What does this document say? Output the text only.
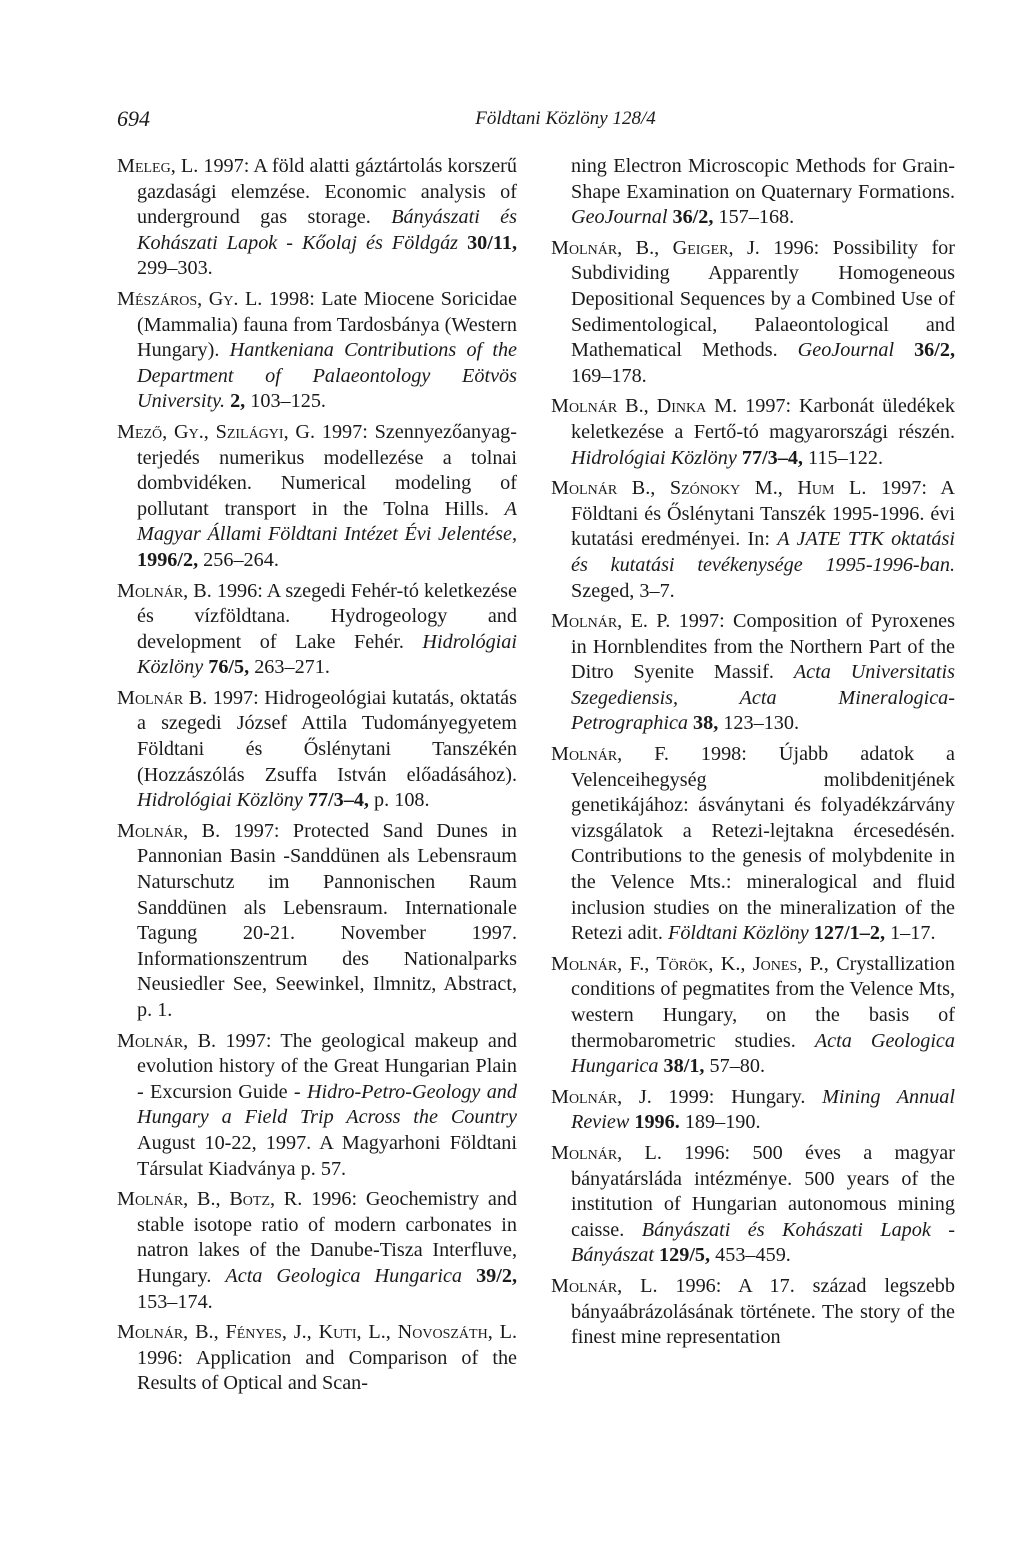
694	Földtani Közlöny 128/4

Meleg, L. 1997: A föld alatti gáztártolás korszerű gazdasági elemzése. Economic analysis of underground gas storage. Bányászati és Kohászati Lapok - Kőolaj és Földgáz 30/11, 299–303.

Mészáros, Gy. L. 1998: Late Miocene Soricidae (Mammalia) fauna from Tardosbánya (Western Hungary). Hantkeniana Contributions of the Department of Palaeontology Eötvös University. 2, 103–125.

Mező, Gy., Szilágyi, G. 1997: Szennyezőanyag-terjedés numerikus modellezése a tolnai dombvidéken. Numerical modeling of pollutant transport in the Tolna Hills. A Magyar Állami Földtani Intézet Évi Jelentése, 1996/2, 256–264.

Molnár, B. 1996: A szegedi Fehér-tó keletkezése és vízföldtana. Hydrogeology and development of Lake Fehér. Hidrológiai Közlöny 76/5, 263–271.

Molnár B. 1997: Hidrogeológiai kutatás, oktatás a szegedi József Attila Tudományegyetem Földtani és Őslénytani Tanszékén (Hozzászólás Zsuffa István előadásához). Hidrológiai Közlöny 77/3–4, p. 108.

Molnár, B. 1997: Protected Sand Dunes in Pannonian Basin -Sanddünen als Lebensraum Naturschutz im Pannonischen Raum Sanddünen als Lebensraum. Internationale Tagung 20-21. November 1997. Informationszentrum des Nationalparks Neusiedler See, Seewinkel, Ilmnitz, Abstract, p. 1.

Molnár, B. 1997: The geological makeup and evolution history of the Great Hungarian Plain - Excursion Guide - Hidro-Petro-Geology and Hungary a Field Trip Across the Country August 10-22, 1997. A Magyarhoni Földtani Társulat Kiadványa p. 57.

Molnár, B., Botz, R. 1996: Geochemistry and stable isotope ratio of modern carbonates in natron lakes of the Danube-Tisza Interfluve, Hungary. Acta Geologica Hungarica 39/2, 153–174.

Molnár, B., Fényes, J., Kuti, L., Novoszáth, L. 1996: Application and Comparison of the Results of Optical and Scan-

ning Electron Microscopic Methods for Grain-Shape Examination on Quaternary Formations. GeoJournal 36/2, 157–168.

Molnár, B., Geiger, J. 1996: Possibility for Subdividing Apparently Homogeneous Depositional Sequences by a Combined Use of Sedimentological, Palaeontological and Mathematical Methods. GeoJournal 36/2, 169–178.

Molnár B., Dinka M. 1997: Karbonát üledékek keletkezése a Fertő-tó magyarországi részén. Hidrológiai Közlöny 77/3–4, 115–122.

Molnár B., Szónoky M., Hum L. 1997: A Földtani és Őslénytani Tanszék 1995-1996. évi kutatási eredményei. In: A JATE TTK oktatási és kutatási tevékenysége 1995-1996-ban. Szeged, 3–7.

Molnár, E. P. 1997: Composition of Pyroxenes in Hornblendites from the Northern Part of the Ditro Syenite Massif. Acta Universitatis Szegediensis, Acta Mineralogica-Petrographica 38, 123–130.

Molnár, F. 1998: Újabb adatok a Velenceihegység molibdenitjének genetikájához: ásványtani és folyadékzárvány vizsgálatok a Retezi-lejtakna ércesedésén. Contributions to the genesis of molybdenite in the Velence Mts.: mineralogical and fluid inclusion studies on the mineralization of the Retezi adit. Földtani Közlöny 127/1–2, 1–17.

Molnár, F., Török, K., Jones, P., Crystallization conditions of pegmatites from the Velence Mts, western Hungary, on the basis of thermobarometric studies. Acta Geologica Hungarica 38/1, 57–80.

Molnár, J. 1999: Hungary. Mining Annual Review 1996. 189–190.

Molnár, L. 1996: 500 éves a magyar bányatársláda intézménye. 500 years of the institution of Hungarian autonomous mining caisse. Bányászati és Kohászati Lapok - Bányászat 129/5, 453–459.

Molnár, L. 1996: A 17. század legszebb bányaábrázolásának története. The story of the finest mine representation
